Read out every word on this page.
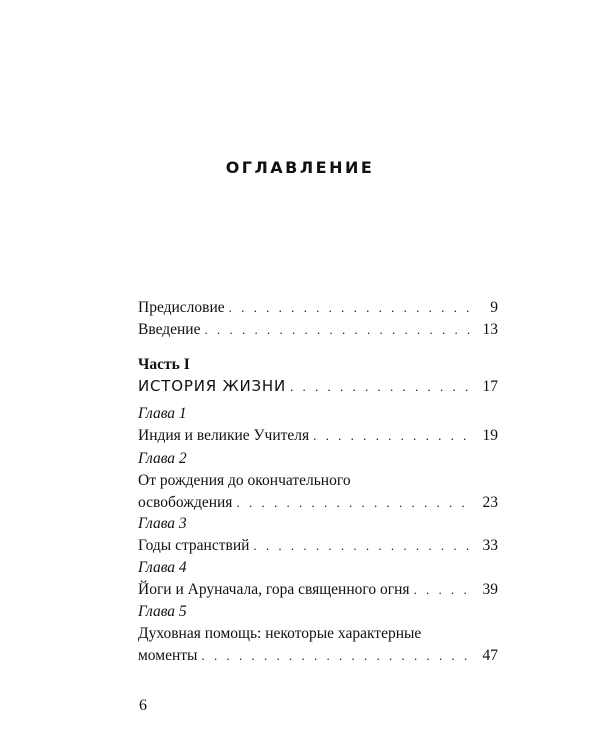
ОГЛАВЛЕНИЕ
Предисловие . . .	9
Введение . . .	13
Часть I
ИСТОРИЯ ЖИЗНИ . . .	17
Глава 1
Индия и великие Учителя . . .	19
Глава 2
От рождения до окончательного
освобождения . . .	23
Глава 3
Годы странствий . . .	33
Глава 4
Йоги и Аруначала, гора священного огня . . .	39
Глава 5
Духовная помощь: некоторые характерные
моменты . . .	47
6
